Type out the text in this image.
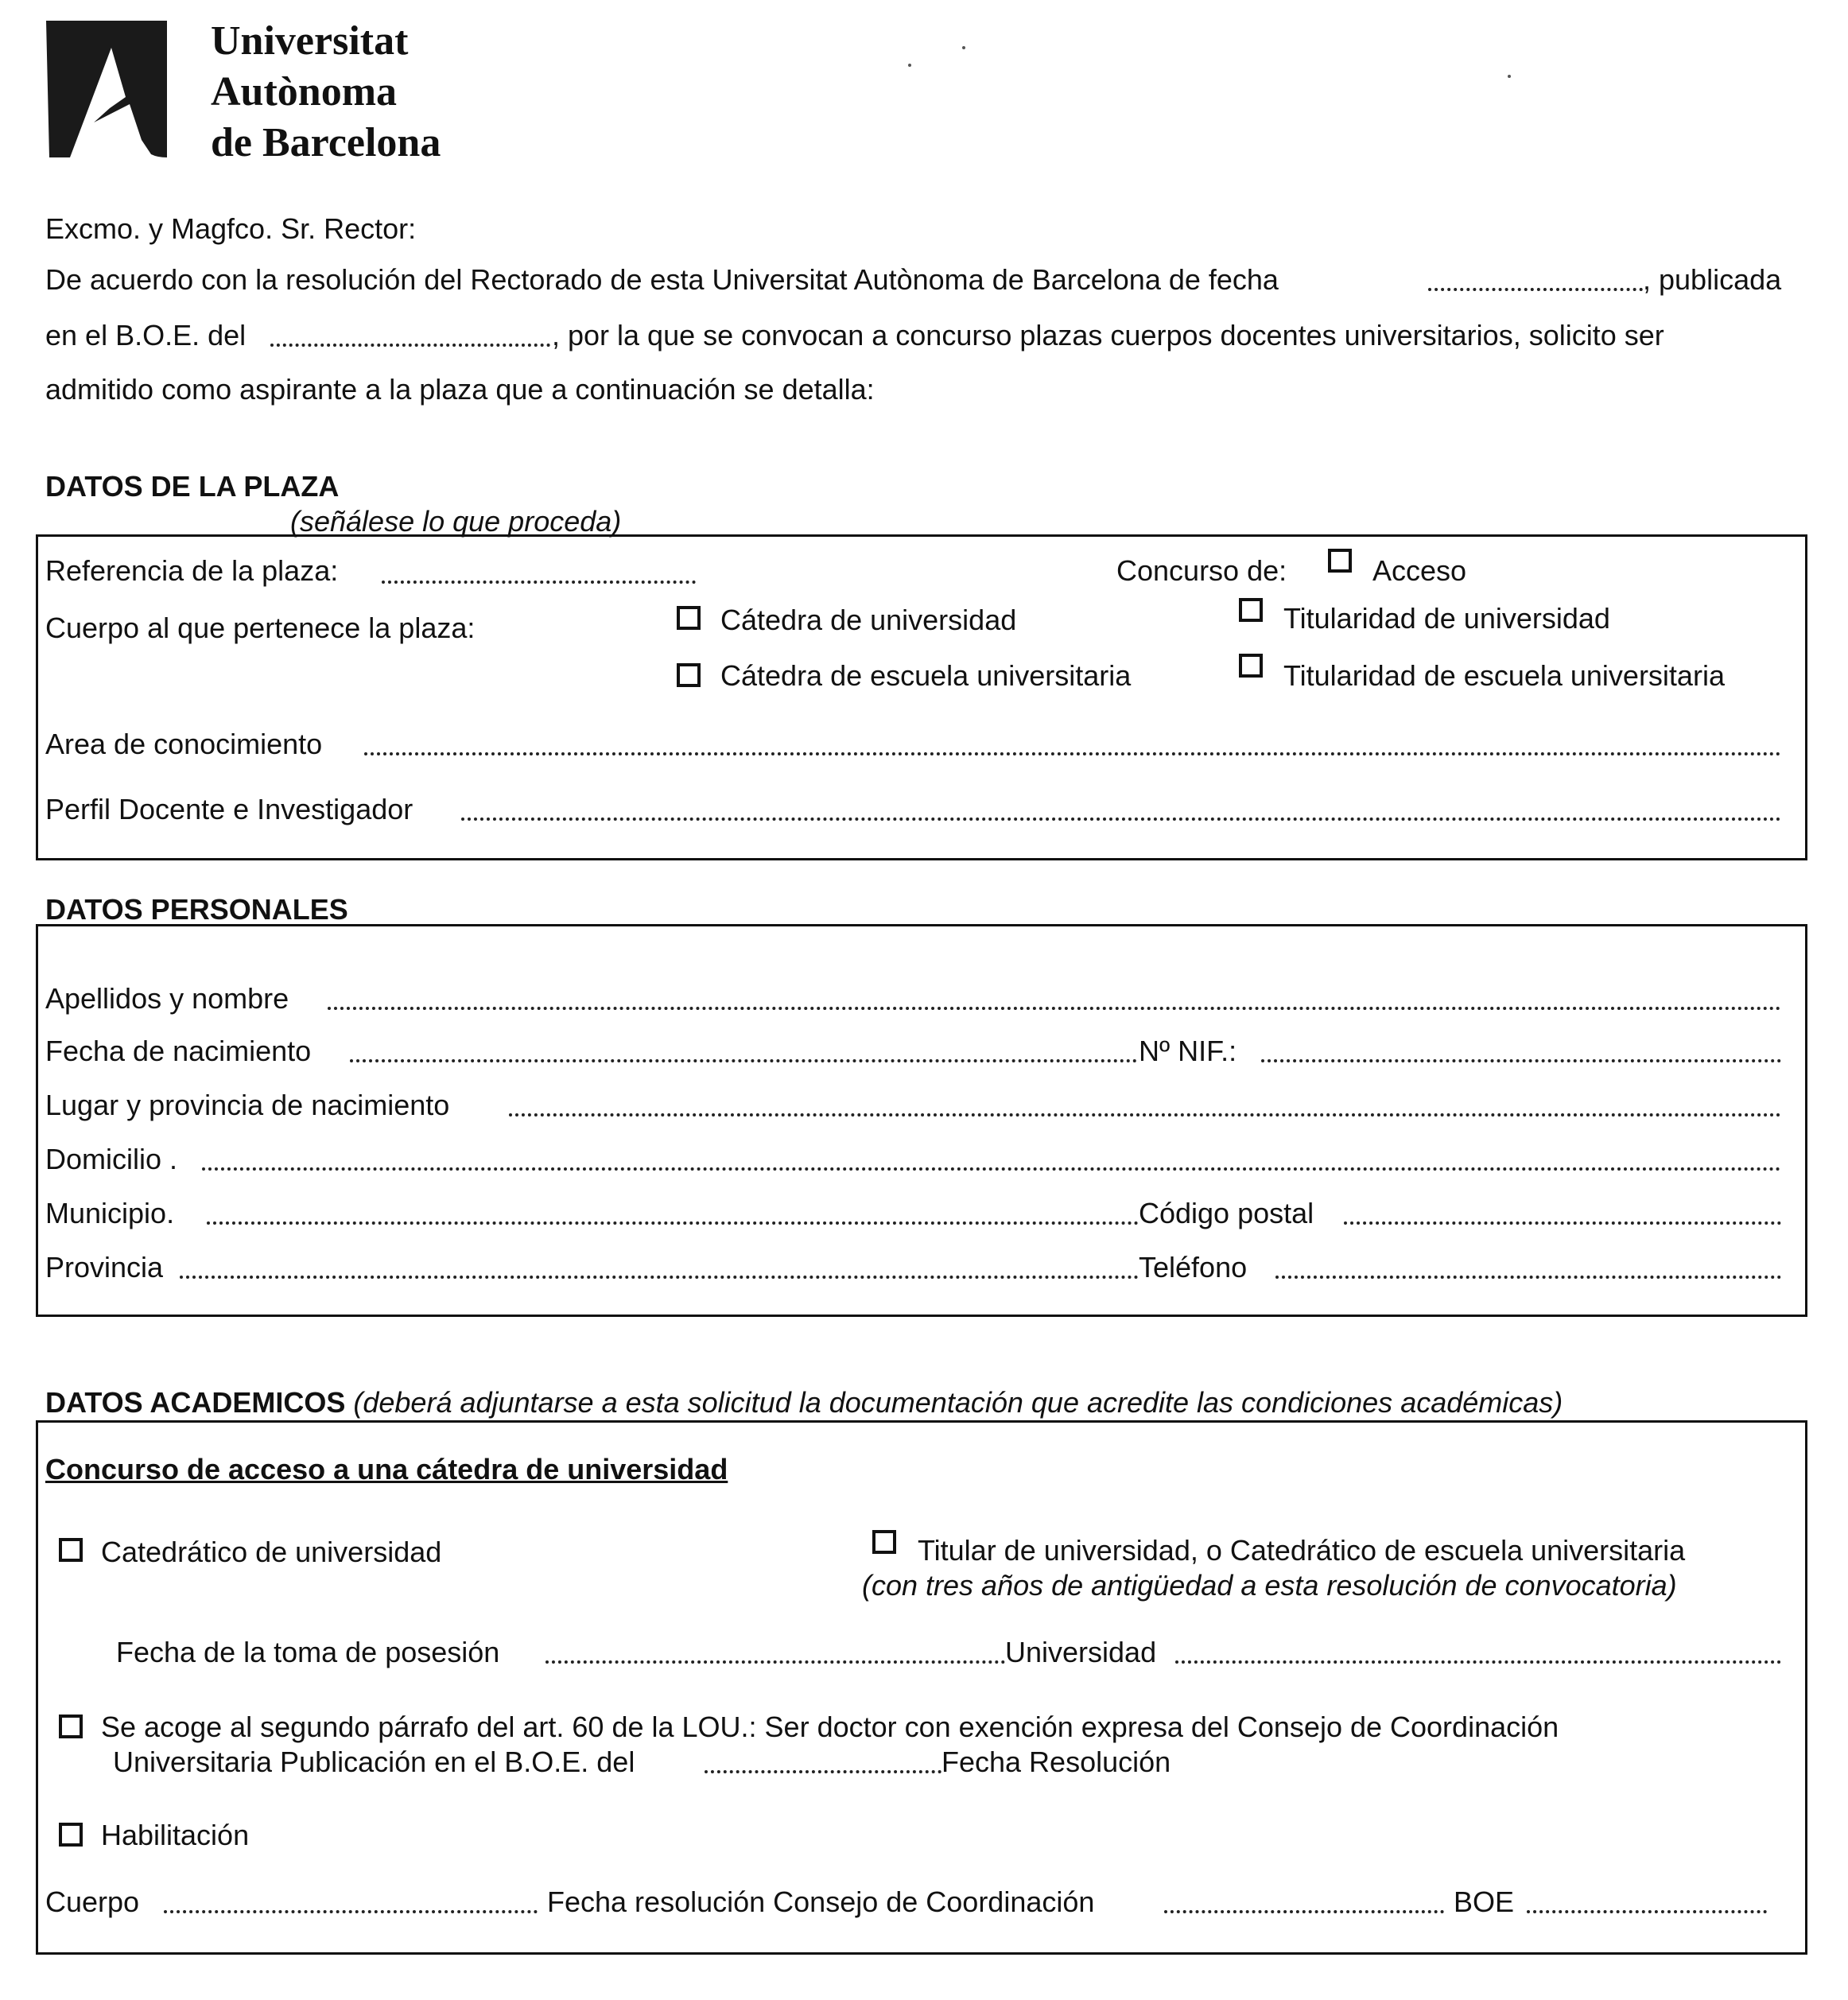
Universitat
Autònoma
de Barcelona
Excmo. y Magfco. Sr. Rector:
De acuerdo con la resolución del Rectorado de esta Universitat Autònoma de Barcelona de fecha	, publicada
en el B.O.E. del	, por la que se convocan a concurso plazas cuerpos docentes universitarios, solicito ser
admitido como aspirante a la plaza que a continuación se detalla:
DATOS DE LA PLAZA
(señálese lo que proceda)
Referencia de la plaza:	Concurso de:	Acceso
Cuerpo al que pertenece la plaza:	Cátedra de universidad	Titularidad de universidad
Cátedra de escuela universitaria	Titularidad de escuela universitaria
Area de conocimiento
Perfil Docente e Investigador
DATOS PERSONALES
Apellidos y nombre
Fecha de nacimiento	Nº NIF.:
Lugar y provincia de nacimiento
Domicilio .
Municipio.	Código postal
Provincia	Teléfono
DATOS ACADEMICOS (deberá adjuntarse a esta solicitud la documentación que acredite las condiciones académicas)
Concurso de acceso a una cátedra de universidad
Catedrático de universidad	Titular de universidad, o Catedrático de escuela universitaria
(con tres años de antigüedad a esta resolución de convocatoria)
Fecha de la toma de posesión	Universidad
Se acoge al segundo párrafo del art. 60 de la LOU.: Ser doctor con exención expresa del Consejo de Coordinación
Universitaria Publicación en el B.O.E. del	Fecha Resolución
Habilitación
Cuerpo	Fecha resolución Consejo de Coordinación	BOE
